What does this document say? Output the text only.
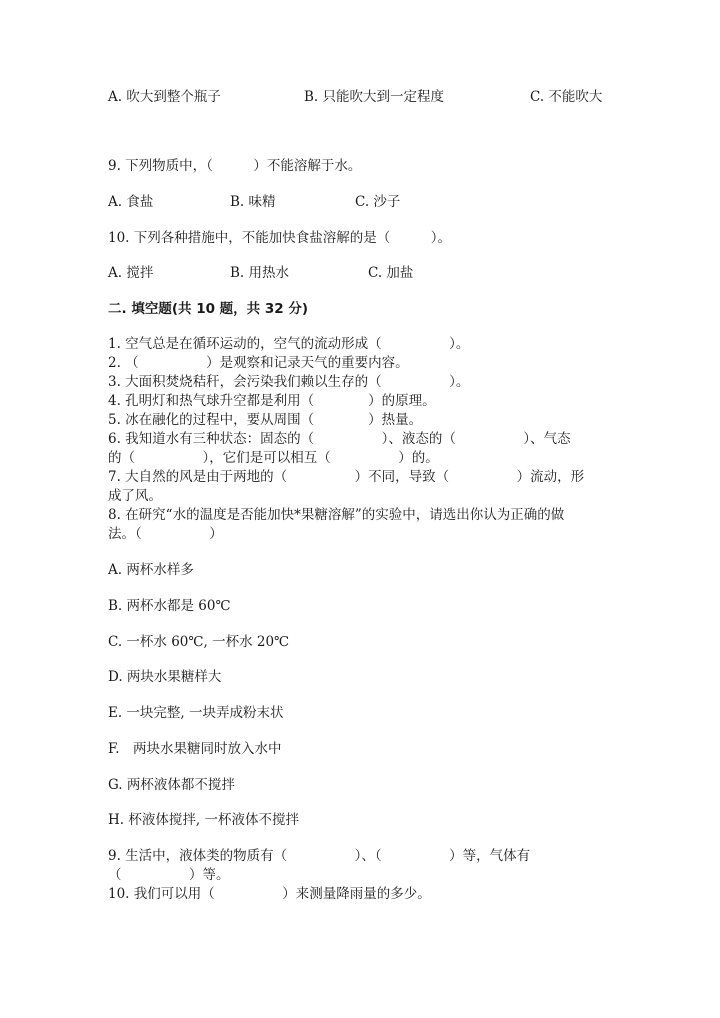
A. 吹大到整个瓶子	B. 只能吹大到一定程度	C. 不能吹大
9. 下列物质中，（　　　）不能溶解于水。
A. 食盐	B. 味精	C. 沙子
10. 下列各种措施中，不能加快食盐溶解的是（　　　）。
A. 搅拌	B. 用热水	C. 加盐
二. 填空题(共 10 题，共 32 分)
1. 空气总是在循环运动的，空气的流动形成（　　　　　）。
2. （　　　　　）是观察和记录天气的重要内容。
3. 大面积焚烧秸秆，会污染我们赖以生存的（　　　　　）。
4. 孔明灯和热气球升空都是利用（　　　　）的原理。
5. 冰在融化的过程中，要从周围（　　　　）热量。
6. 我知道水有三种状态：固态的（　　　　　）、液态的（　　　　　）、气态
的（　　　　　），它们是可以相互（　　　　　）的。
7. 大自然的风是由于两地的（　　　　　）不同，导致（　　　　　）流动，形
成了风。
8. 在研究“水的温度是否能加快*果糖溶解”的实验中，请选出你认为正确的做
法。（　　　　　）
A. 两杯水样多
B. 两杯水都是 60℃
C. 一杯水 60℃, 一杯水 20℃
D. 两块水果糖样大
E. 一块完整, 一块弄成粉末状
F.　两块水果糖同时放入水中
G. 两杯液体都不搅拌
H. 杯液体搅拌, 一杯液体不搅拌
9. 生活中，液体类的物质有（　　　　　）、（　　　　　）等，气体有
（　　　　　）等。
10. 我们可以用（　　　　　）来测量降雨量的多少。
